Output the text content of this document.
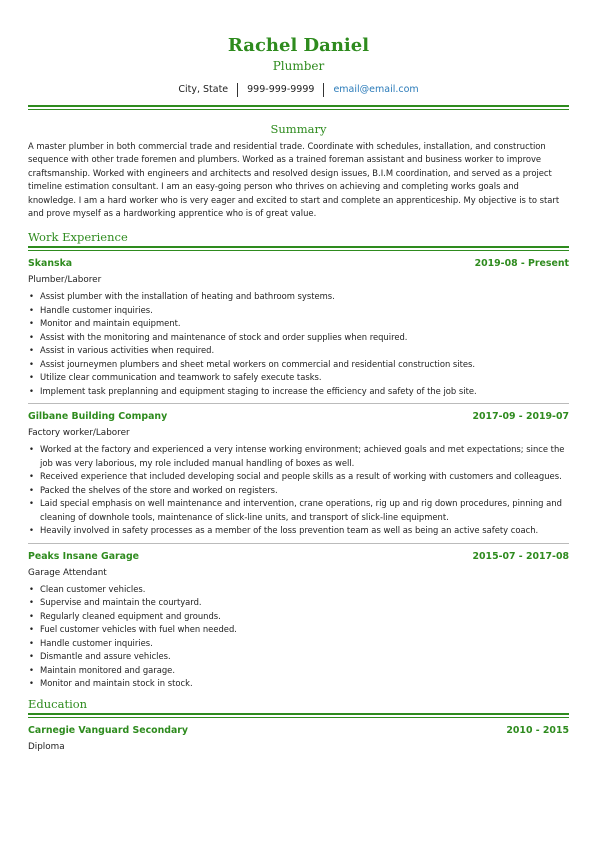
Rachel Daniel
Plumber
City, State 999-999-9999 email@email.com
Summary
A master plumber in both commercial trade and residential trade. Coordinate with schedules, installation, and construction sequence with other trade foremen and plumbers. Worked as a trained foreman assistant and business worker to improve craftsmanship. Worked with engineers and architects and resolved design issues, B.I.M coordination, and served as a project timeline estimation consultant. I am an easy-going person who thrives on achieving and completing works goals and knowledge. I am a hard worker who is very eager and excited to start and complete an apprenticeship. My objective is to start and prove myself as a hardworking apprentice who is of great value.
Work Experience
Skanska	2019-08 - Present
Plumber/Laborer
• Assist plumber with the installation of heating and bathroom systems.
• Handle customer inquiries.
• Monitor and maintain equipment.
• Assist with the monitoring and maintenance of stock and order supplies when required.
• Assist in various activities when required.
• Assist journeymen plumbers and sheet metal workers on commercial and residential construction sites.
• Utilize clear communication and teamwork to safely execute tasks.
• Implement task preplanning and equipment staging to increase the efficiency and safety of the job site.
Gilbane Building Company	2017-09 - 2019-07
Factory worker/Laborer
• Worked at the factory and experienced a very intense working environment; achieved goals and met expectations; since the job was very laborious, my role included manual handling of boxes as well.
• Received experience that included developing social and people skills as a result of working with customers and colleagues.
• Packed the shelves of the store and worked on registers.
• Laid special emphasis on well maintenance and intervention, crane operations, rig up and rig down procedures, pinning and cleaning of downhole tools, maintenance of slick-line units, and transport of slick-line equipment.
• Heavily involved in safety processes as a member of the loss prevention team as well as being an active safety coach.
Peaks Insane Garage	2015-07 - 2017-08
Garage Attendant
• Clean customer vehicles.
• Supervise and maintain the courtyard.
• Regularly cleaned equipment and grounds.
• Fuel customer vehicles with fuel when needed.
• Handle customer inquiries.
• Dismantle and assure vehicles.
• Maintain monitored and garage.
• Monitor and maintain stock in stock.
Education
Carnegie Vanguard Secondary	2010 - 2015
Diploma
